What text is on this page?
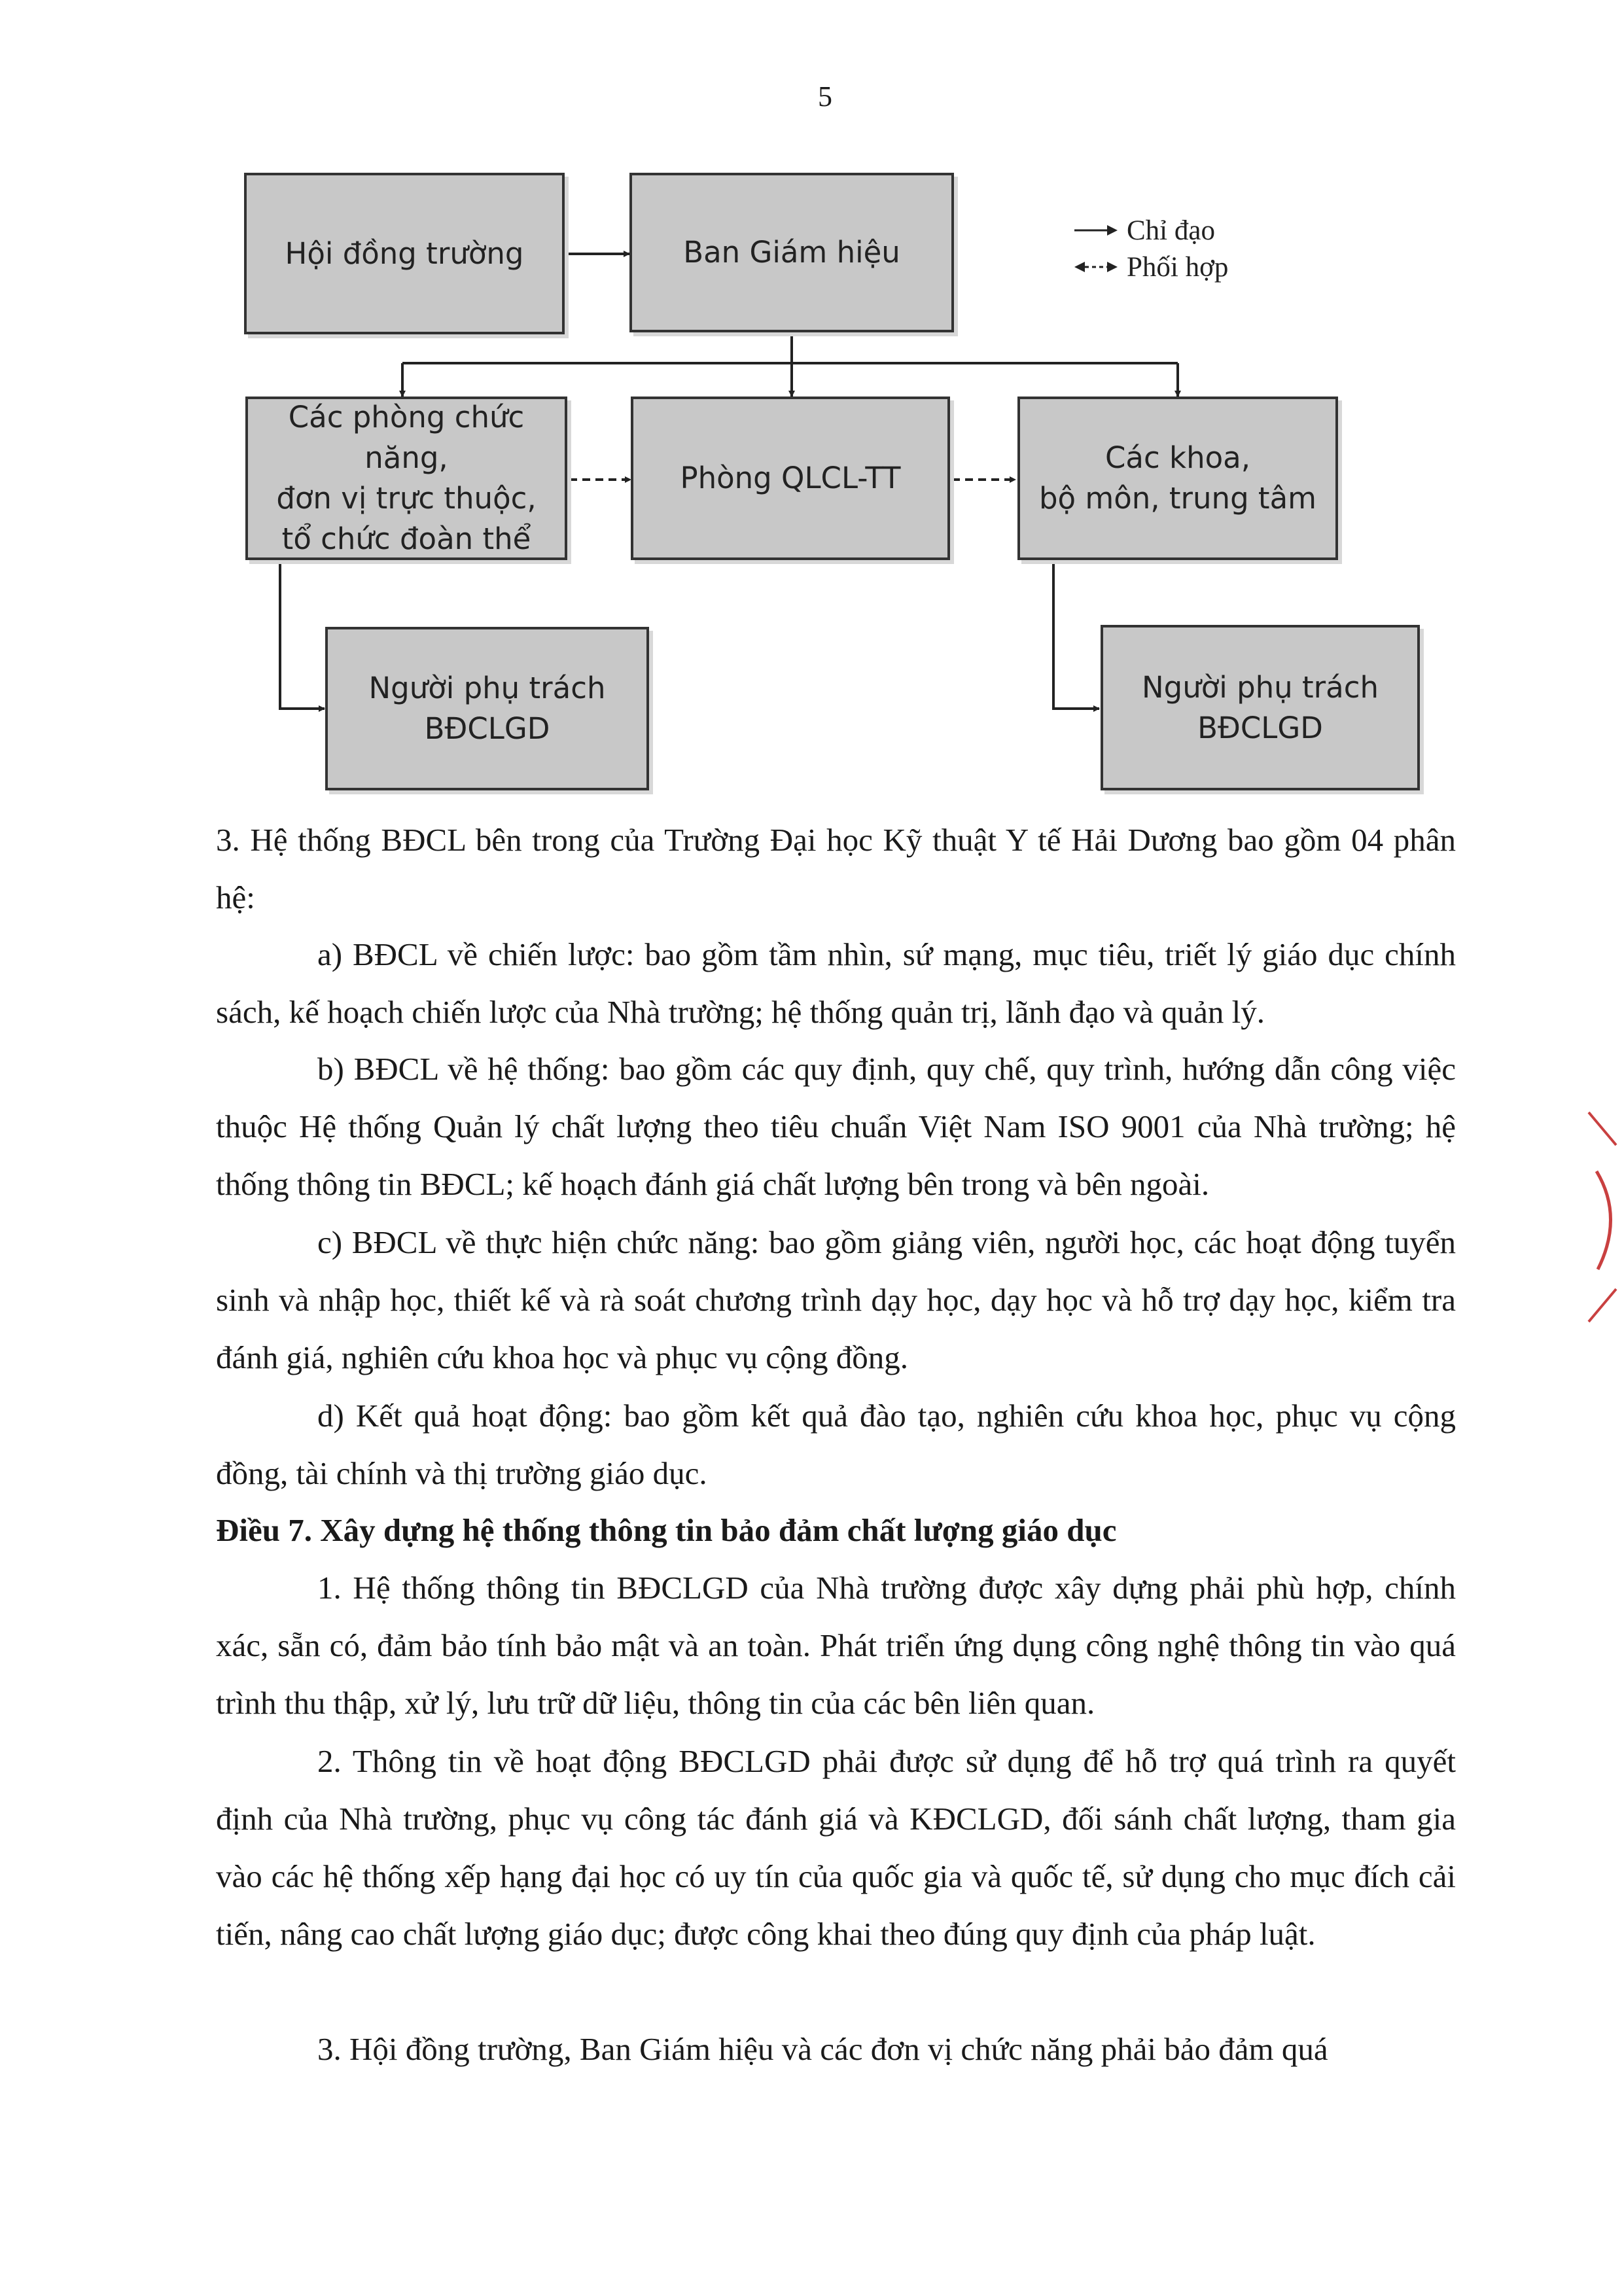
5
Hội đồng trường	Ban Giám hiệu
Các phòng chức năng,
đơn vị trực thuộc,
tổ chức đoàn thể
Phòng QLCL-TT
Các khoa,
bộ môn, trung tâm
Người phụ trách
BĐCLGD
Người phụ trách
BĐCLGD
Chỉ đạo
Phối hợp
3. Hệ thống BĐCL bên trong của Trường Đại học Kỹ thuật Y tế Hải Dương bao gồm 04 phân hệ:
a) BĐCL về chiến lược: bao gồm tầm nhìn, sứ mạng, mục tiêu, triết lý giáo dục chính sách, kế hoạch chiến lược của Nhà trường; hệ thống quản trị, lãnh đạo và quản lý.
b) BĐCL về hệ thống: bao gồm các quy định, quy chế, quy trình, hướng dẫn công việc thuộc Hệ thống Quản lý chất lượng theo tiêu chuẩn Việt Nam ISO 9001 của Nhà trường; hệ thống thông tin BĐCL; kế hoạch đánh giá chất lượng bên trong và bên ngoài.
c) BĐCL về thực hiện chức năng: bao gồm giảng viên, người học, các hoạt động tuyển sinh và nhập học, thiết kế và rà soát chương trình dạy học, dạy học và hỗ trợ dạy học, kiểm tra đánh giá, nghiên cứu khoa học và phục vụ cộng đồng.
d) Kết quả hoạt động: bao gồm kết quả đào tạo, nghiên cứu khoa học, phục vụ cộng đồng, tài chính và thị trường giáo dục.
Điều 7. Xây dựng hệ thống thông tin bảo đảm chất lượng giáo dục
1. Hệ thống thông tin BĐCLGD của Nhà trường được xây dựng phải phù hợp, chính xác, sẵn có, đảm bảo tính bảo mật và an toàn. Phát triển ứng dụng công nghệ thông tin vào quá trình thu thập, xử lý, lưu trữ dữ liệu, thông tin của các bên liên quan.
2. Thông tin về hoạt động BĐCLGD phải được sử dụng để hỗ trợ quá trình ra quyết định của Nhà trường, phục vụ công tác đánh giá và KĐCLGD, đối sánh chất lượng, tham gia vào các hệ thống xếp hạng đại học có uy tín của quốc gia và quốc tế, sử dụng cho mục đích cải tiến, nâng cao chất lượng giáo dục; được công khai theo đúng quy định của pháp luật.
3. Hội đồng trường, Ban Giám hiệu và các đơn vị chức năng phải bảo đảm quá
